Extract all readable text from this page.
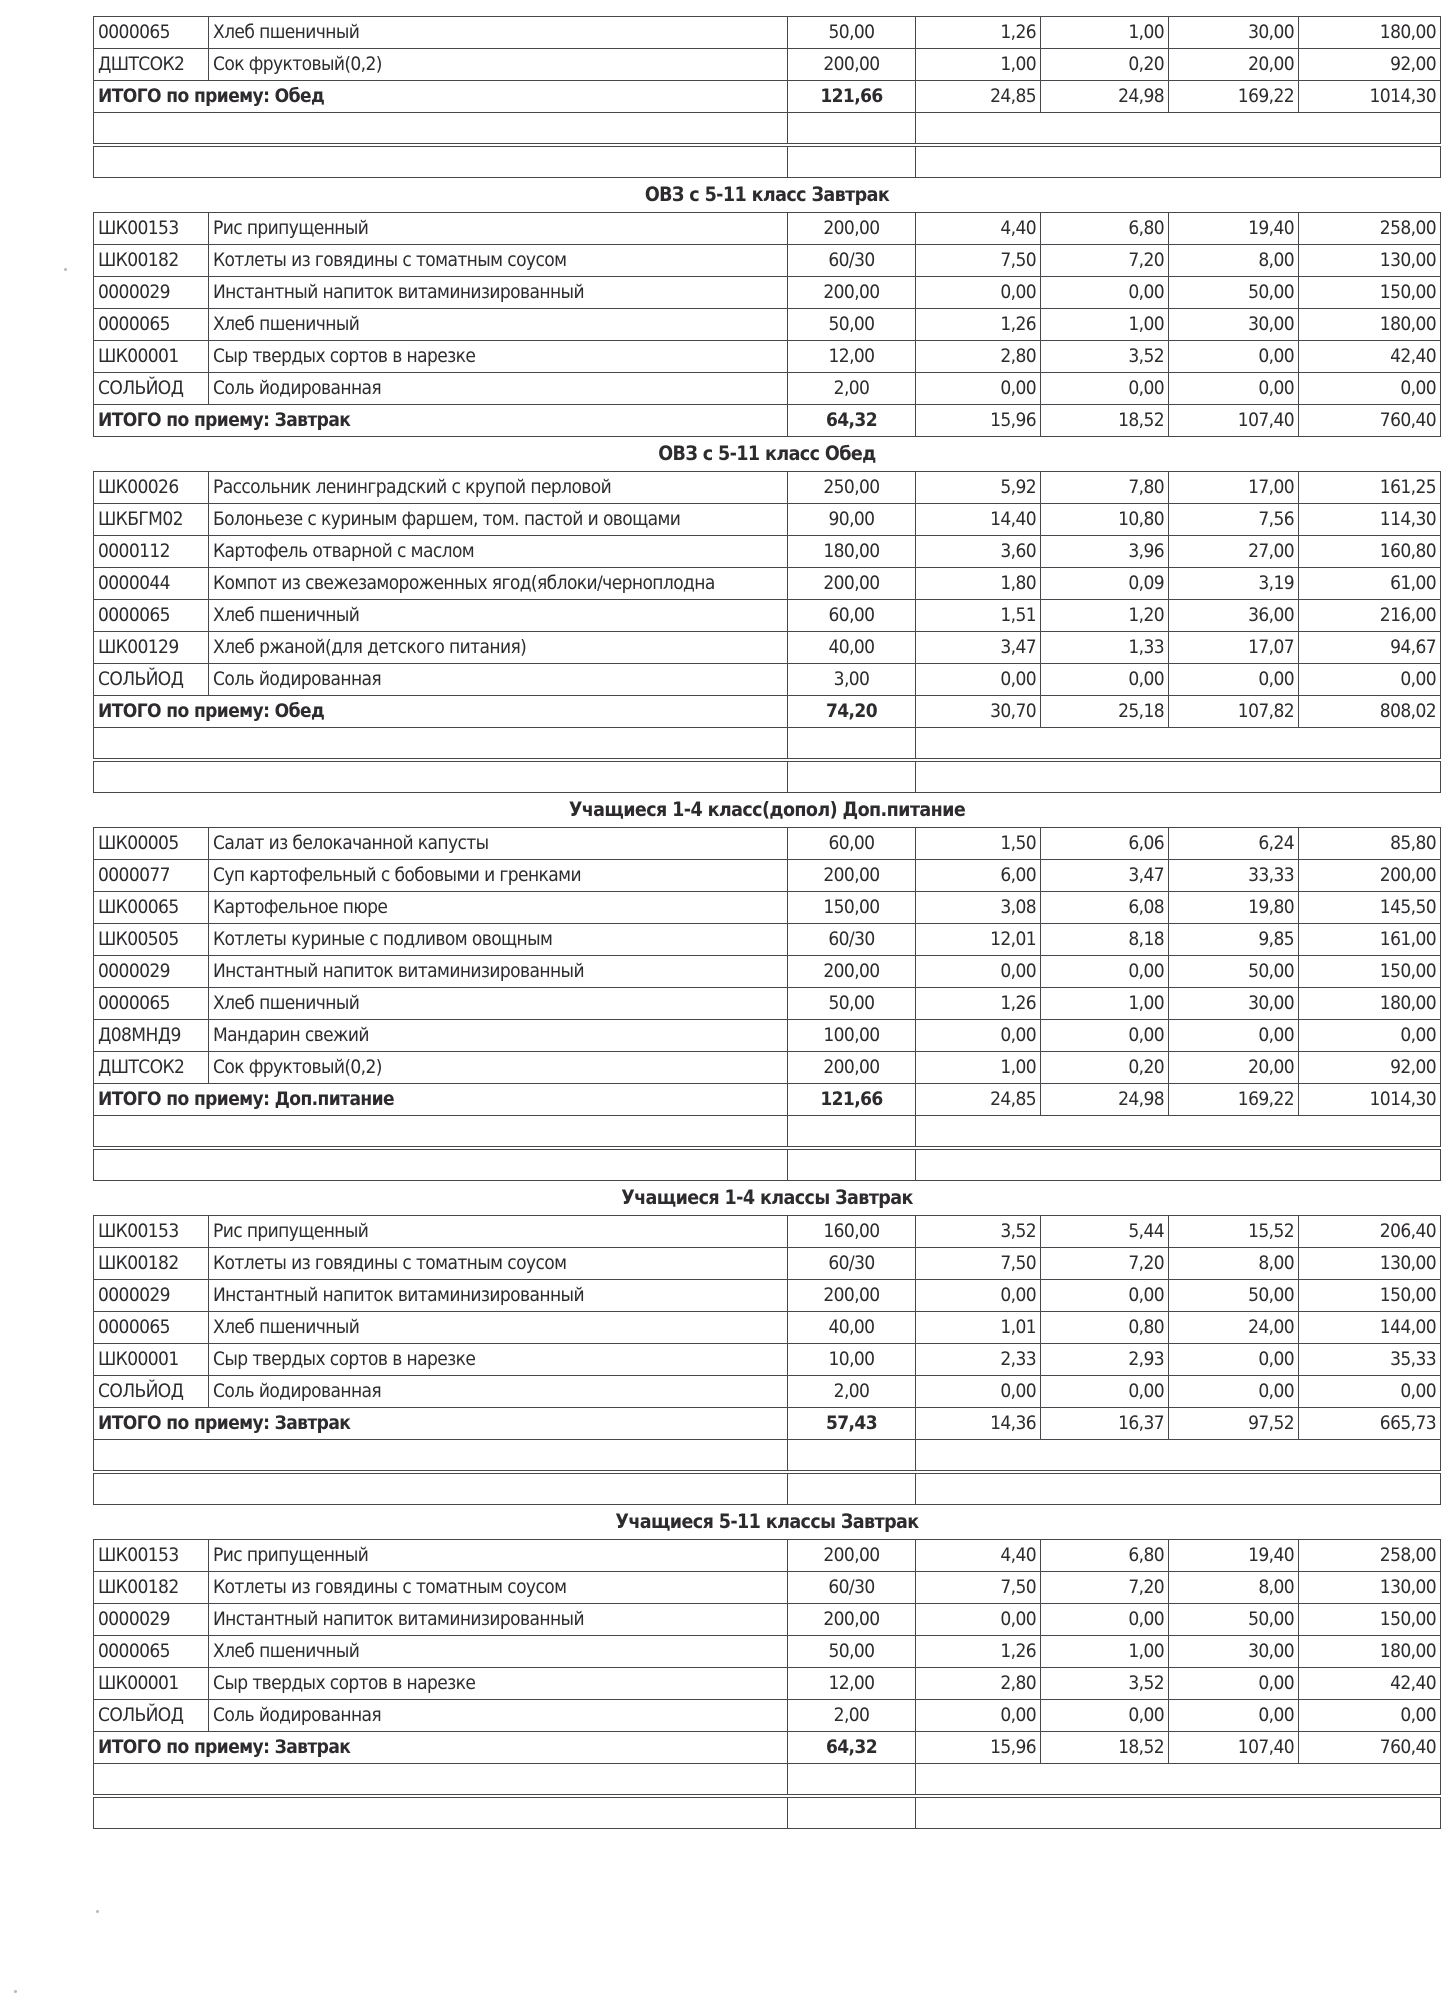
0000065	Хлеб пшеничный	50,00	1,26	1,00	30,00	180,00
ДШТСОК2	Сок фруктовый(0,2)	200,00	1,00	0,20	20,00	92,00
ИТОГО по приему: Обед		121,66	24,85	24,98	169,22	1014,30

ОВЗ с 5-11 класс Завтрак						
ШК00153	Рис припущенный	200,00	4,40	6,80	19,40	258,00
ШК00182	Котлеты из говядины с томатным соусом	60/30	7,50	7,20	8,00	130,00
0000029	Инстантный напиток витаминизированный	200,00	0,00	0,00	50,00	150,00
0000065	Хлеб пшеничный	50,00	1,26	1,00	30,00	180,00
ШК00001	Сыр твердых сортов в нарезке	12,00	2,80	3,52	0,00	42,40
СОЛЬЙОД	Соль йодированная	2,00	0,00	0,00	0,00	0,00
ИТОГО по приему: Завтрак		64,32	15,96	18,52	107,40	760,40
ОВЗ с 5-11 класс Обед						
ШК00026	Рассольник ленинградский с крупой перловой	250,00	5,92	7,80	17,00	161,25
ШКБГМ02	Болоньезе с куриным фаршем, том. пастой и овощами	90,00	14,40	10,80	7,56	114,30
0000112	Картофель отварной с маслом	180,00	3,60	3,96	27,00	160,80
0000044	Компот из свежезамороженных ягод(яблоки/черноплодна	200,00	1,80	0,09	3,19	61,00
0000065	Хлеб пшеничный	60,00	1,51	1,20	36,00	216,00
ШК00129	Хлеб ржаной(для детского питания)	40,00	3,47	1,33	17,07	94,67
СОЛЬЙОД	Соль йодированная	3,00	0,00	0,00	0,00	0,00
ИТОГО по приему: Обед		74,20	30,70	25,18	107,82	808,02

Учащиеся 1-4 класс(допол) Доп.питание						
ШК00005	Салат из белокачанной капусты	60,00	1,50	6,06	6,24	85,80
0000077	Суп картофельный с бобовыми и гренками	200,00	6,00	3,47	33,33	200,00
ШК00065	Картофельное пюре	150,00	3,08	6,08	19,80	145,50
ШК00505	Котлеты куриные с подливом овощным	60/30	12,01	8,18	9,85	161,00
0000029	Инстантный напиток витаминизированный	200,00	0,00	0,00	50,00	150,00
0000065	Хлеб пшеничный	50,00	1,26	1,00	30,00	180,00
Д08МНД9	Мандарин свежий	100,00	0,00	0,00	0,00	0,00
ДШТСОК2	Сок фруктовый(0,2)	200,00	1,00	0,20	20,00	92,00
ИТОГО по приему: Доп.питание		121,66	24,85	24,98	169,22	1014,30

Учащиеся 1-4 классы Завтрак						
ШК00153	Рис припущенный	160,00	3,52	5,44	15,52	206,40
ШК00182	Котлеты из говядины с томатным соусом	60/30	7,50	7,20	8,00	130,00
0000029	Инстантный напиток витаминизированный	200,00	0,00	0,00	50,00	150,00
0000065	Хлеб пшеничный	40,00	1,01	0,80	24,00	144,00
ШК00001	Сыр твердых сортов в нарезке	10,00	2,33	2,93	0,00	35,33
СОЛЬЙОД	Соль йодированная	2,00	0,00	0,00	0,00	0,00
ИТОГО по приему: Завтрак		57,43	14,36	16,37	97,52	665,73

Учащиеся 5-11 классы Завтрак						
ШК00153	Рис припущенный	200,00	4,40	6,80	19,40	258,00
ШК00182	Котлеты из говядины с томатным соусом	60/30	7,50	7,20	8,00	130,00
0000029	Инстантный напиток витаминизированный	200,00	0,00	0,00	50,00	150,00
0000065	Хлеб пшеничный	50,00	1,26	1,00	30,00	180,00
ШК00001	Сыр твердых сортов в нарезке	12,00	2,80	3,52	0,00	42,40
СОЛЬЙОД	Соль йодированная	2,00	0,00	0,00	0,00	0,00
ИТОГО по приему: Завтрак		64,32	15,96	18,52	107,40	760,40
